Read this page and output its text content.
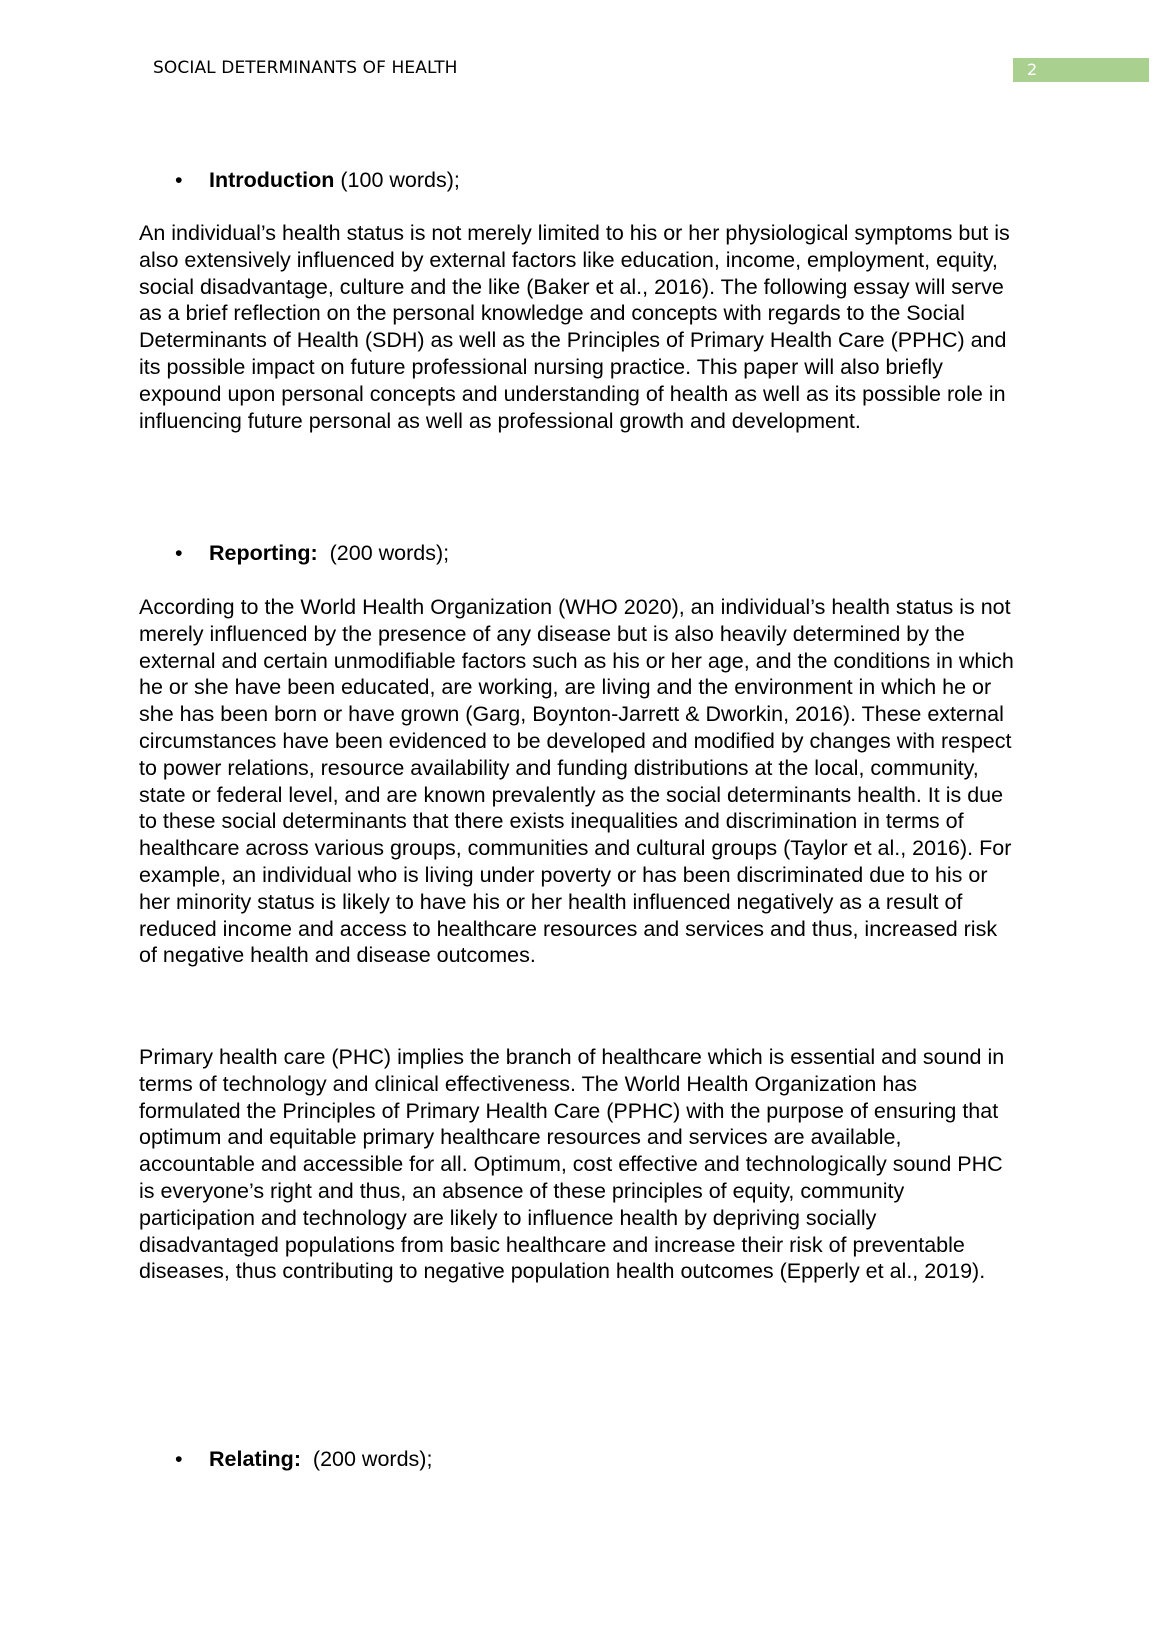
SOCIAL DETERMINANTS OF HEALTH	2
• Introduction (100 words);

An individual’s health status is not merely limited to his or her physiological symptoms but is also extensively influenced by external factors like education, income, employment, equity, social disadvantage, culture and the like (Baker et al., 2016). The following essay will serve as a brief reflection on the personal knowledge and concepts with regards to the Social Determinants of Health (SDH) as well as the Principles of Primary Health Care (PPHC) and its possible impact on future professional nursing practice. This paper will also briefly expound upon personal concepts and understanding of health as well as its possible role in influencing future personal as well as professional growth and development.

• Reporting:  (200 words);

According to the World Health Organization (WHO 2020), an individual’s health status is not merely influenced by the presence of any disease but is also heavily determined by the external and certain unmodifiable factors such as his or her age, and the conditions in which he or she have been educated, are working, are living and the environment in which he or she has been born or have grown (Garg, Boynton-Jarrett & Dworkin, 2016). These external circumstances have been evidenced to be developed and modified by changes with respect to power relations, resource availability and funding distributions at the local, community, state or federal level, and are known prevalently as the social determinants health. It is due to these social determinants that there exists inequalities and discrimination in terms of healthcare across various groups, communities and cultural groups (Taylor et al., 2016). For example, an individual who is living under poverty or has been discriminated due to his or her minority status is likely to have his or her health influenced negatively as a result of reduced income and access to healthcare resources and services and thus, increased risk of negative health and disease outcomes.

Primary health care (PHC) implies the branch of healthcare which is essential and sound in terms of technology and clinical effectiveness. The World Health Organization has formulated the Principles of Primary Health Care (PPHC) with the purpose of ensuring that optimum and equitable primary healthcare resources and services are available, accountable and accessible for all. Optimum, cost effective and technologically sound PHC is everyone’s right and thus, an absence of these principles of equity, community participation and technology are likely to influence health by depriving socially disadvantaged populations from basic healthcare and increase their risk of preventable diseases, thus contributing to negative population health outcomes (Epperly et al., 2019).

• Relating:  (200 words);
